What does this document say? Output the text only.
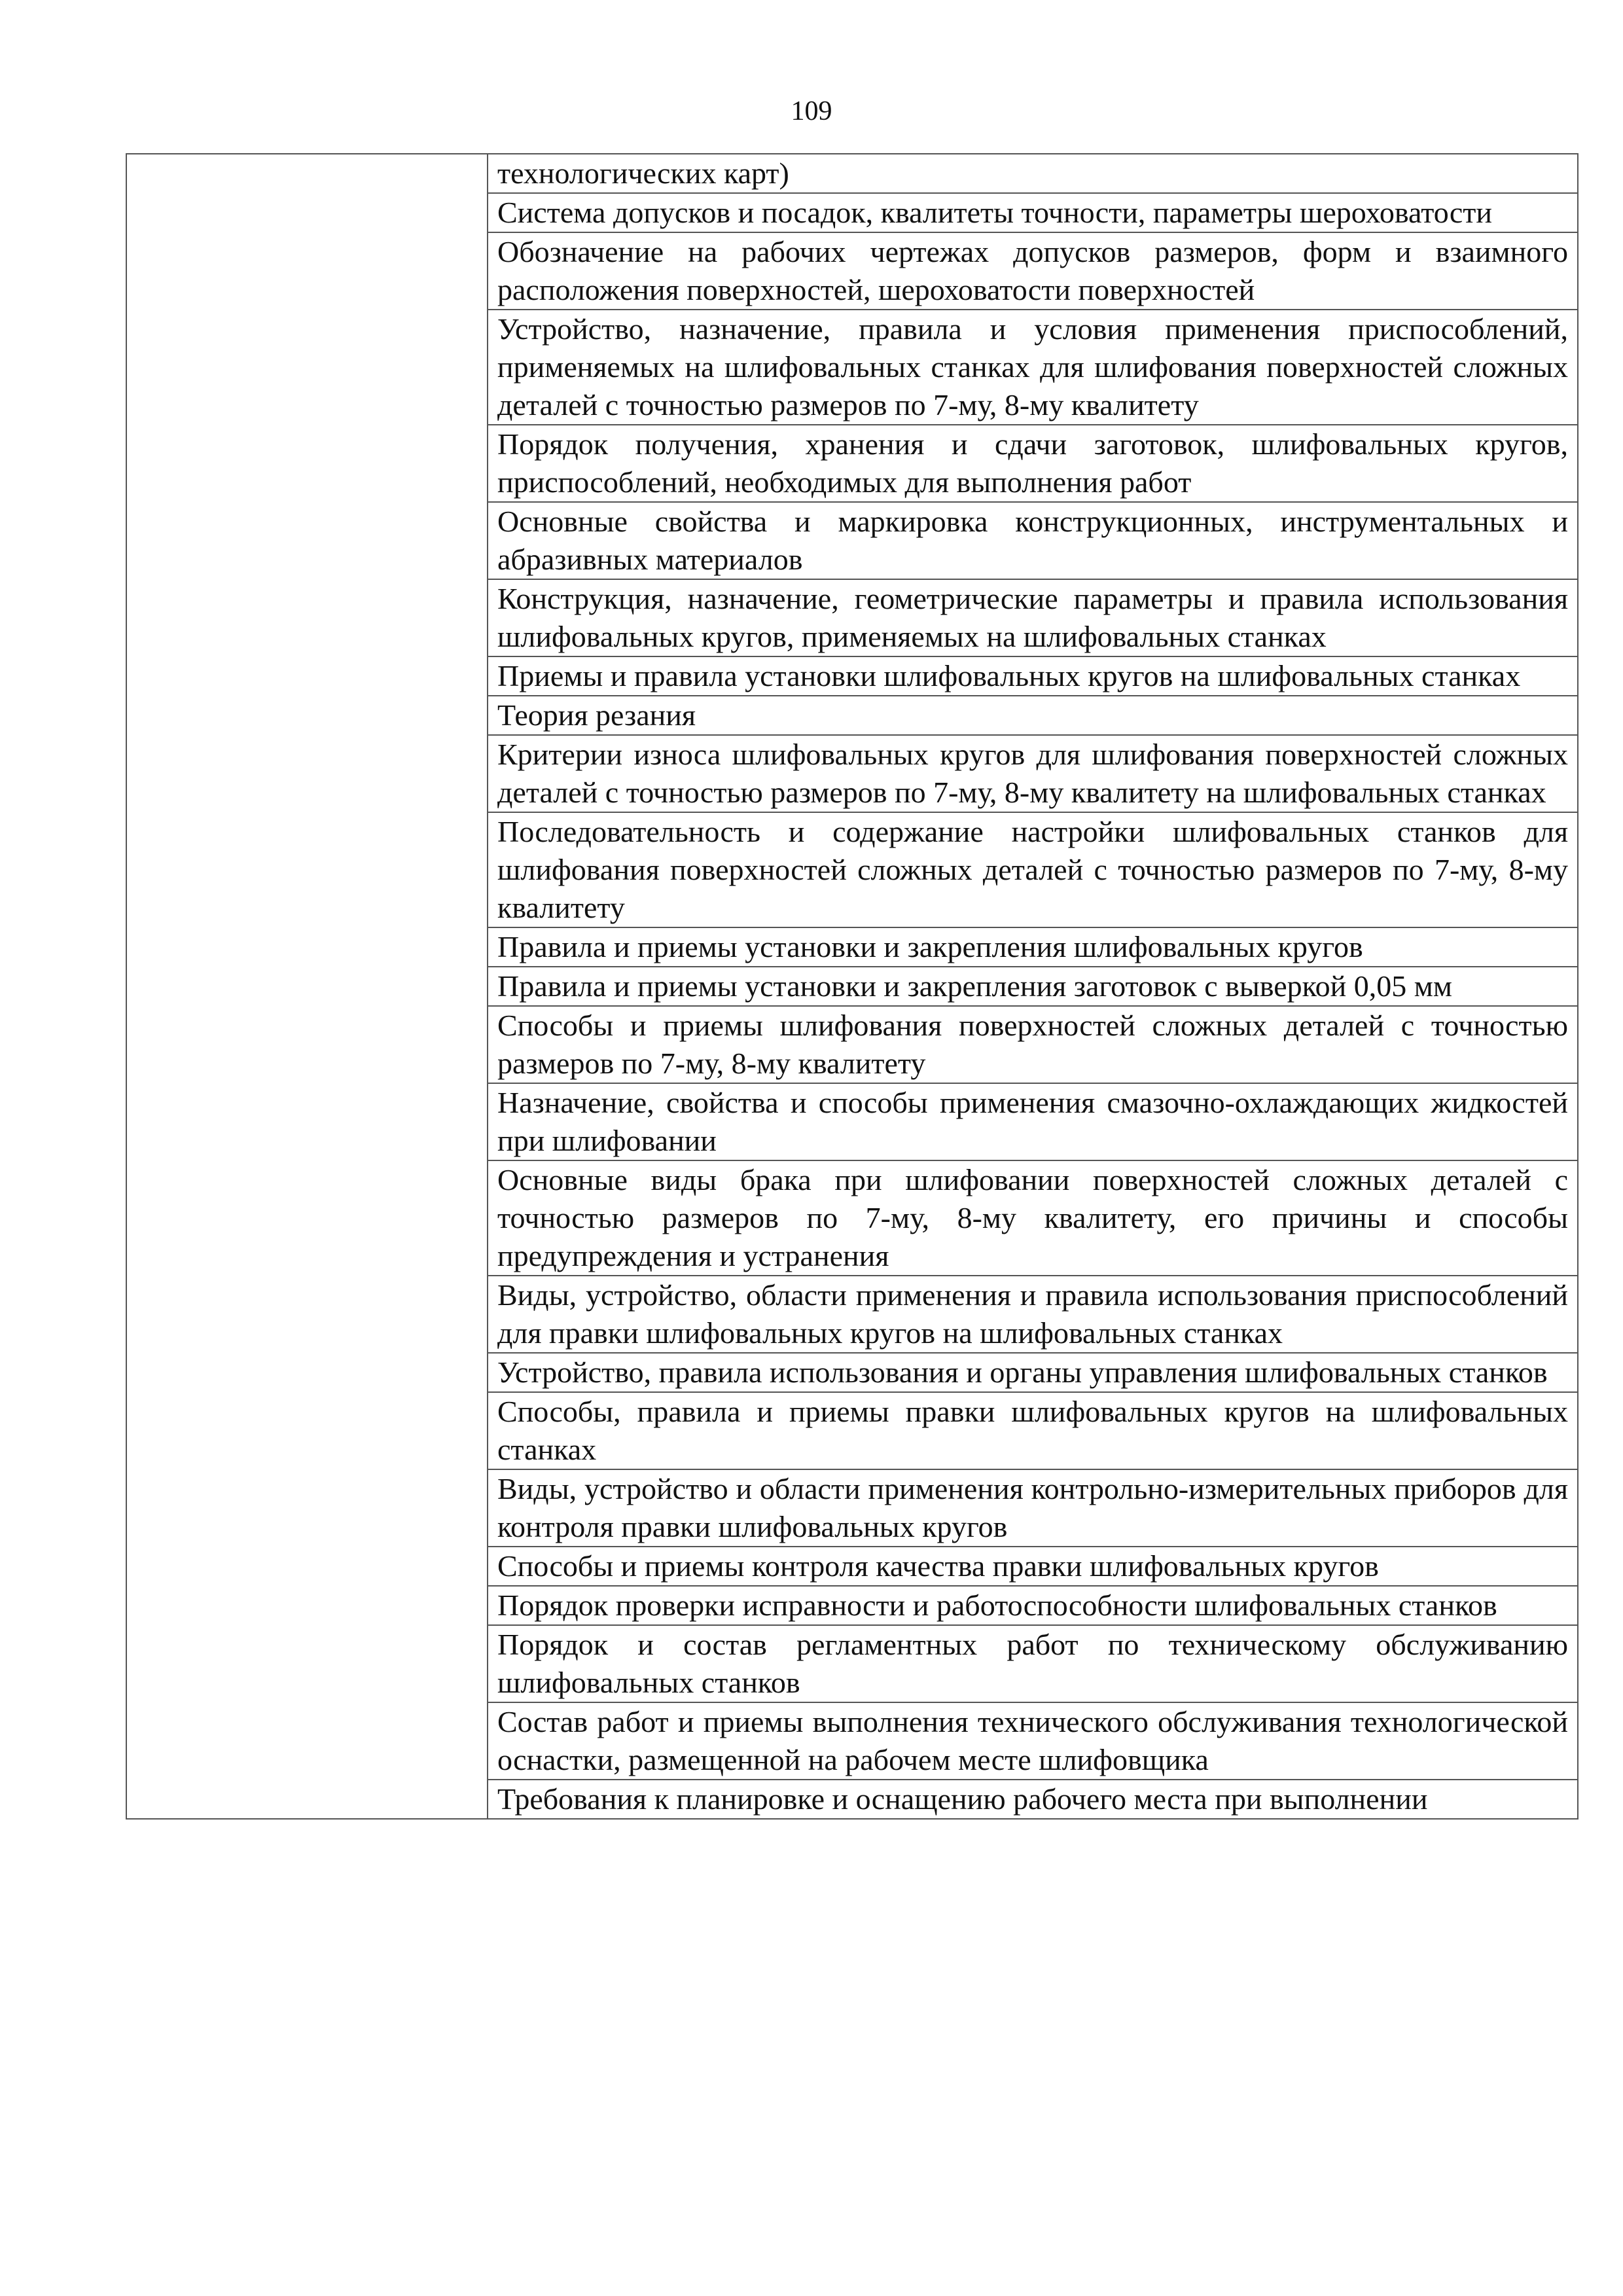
109

технологических карт)

Система допусков и посадок, квалитеты точности, параметры шероховатости

Обозначение на рабочих чертежах допусков размеров, форм и взаимного расположения поверхностей, шероховатости поверхностей

Устройство, назначение, правила и условия применения приспособлений, применяемых на шлифовальных станках для шлифования поверхностей сложных деталей с точностью размеров по 7-му, 8-му квалитету

Порядок получения, хранения и сдачи заготовок, шлифовальных кругов, приспособлений, необходимых для выполнения работ

Основные свойства и маркировка конструкционных, инструментальных и абразивных материалов

Конструкция, назначение, геометрические параметры и правила использования шлифовальных кругов, применяемых на шлифовальных станках

Приемы и правила установки шлифовальных кругов на шлифовальных станках

Теория резания

Критерии износа шлифовальных кругов для шлифования поверхностей сложных деталей с точностью размеров по 7-му, 8-му квалитету на шлифовальных станках

Последовательность и содержание настройки шлифовальных станков для шлифования поверхностей сложных деталей с точностью размеров по 7-му, 8-му квалитету

Правила и приемы установки и закрепления шлифовальных кругов

Правила и приемы установки и закрепления заготовок с выверкой 0,05 мм

Способы и приемы шлифования поверхностей сложных деталей с точностью размеров по 7-му, 8-му квалитету

Назначение, свойства и способы применения смазочно-охлаждающих жидкостей при шлифовании

Основные виды брака при шлифовании поверхностей сложных деталей с точностью размеров по 7-му, 8-му квалитету, его причины и способы предупреждения и устранения

Виды, устройство, области применения и правила использования приспособлений для правки шлифовальных кругов на шлифовальных станках

Устройство, правила использования и органы управления шлифовальных станков

Способы, правила и приемы правки шлифовальных кругов на шлифовальных станках

Виды, устройство и области применения контрольно-измерительных приборов для контроля правки шлифовальных кругов

Способы и приемы контроля качества правки шлифовальных кругов

Порядок проверки исправности и работоспособности шлифовальных станков

Порядок и состав регламентных работ по техническому обслуживанию шлифовальных станков

Состав работ и приемы выполнения технического обслуживания технологической оснастки, размещенной на рабочем месте шлифовщика

Требования к планировке и оснащению рабочего места при выполнении
